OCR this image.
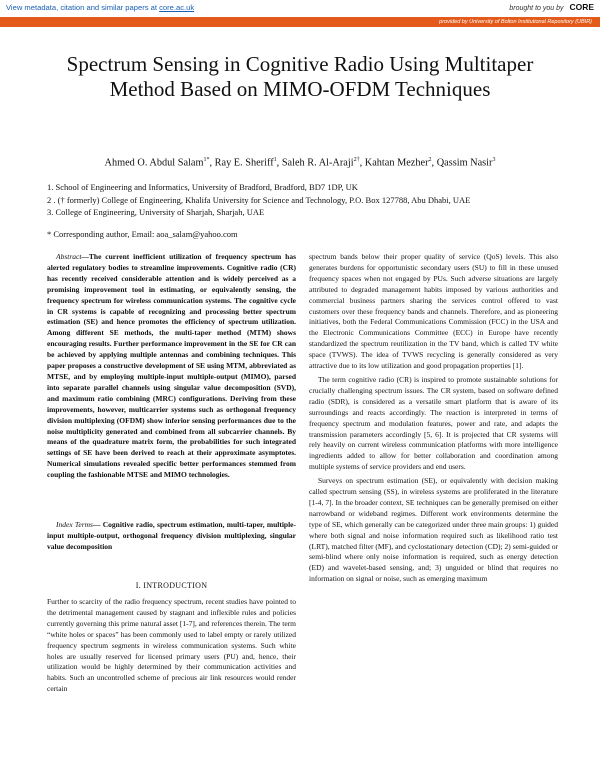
View metadata, citation and similar papers at core.ac.uk	brought to you by CORE
provided by University of Bolton Institutional Repository (UBIR)
Spectrum Sensing in Cognitive Radio Using Multitaper Method Based on MIMO-OFDM Techniques
Ahmed O. Abdul Salam$^{1*}$, Ray E. Sheriff$^1$, Saleh R. Al-Araji$^{2\dagger}$, Kahtan Mezher$^2$, Qassim Nasir$^3$
1. School of Engineering and Informatics, University of Bradford, Bradford, BD7 1DP, UK
2 . († formerly) College of Engineering, Khalifa University for Science and Technology, P.O. Box 127788, Abu Dhabi, UAE
3. College of Engineering, University of Sharjah, Sharjah, UAE
* Corresponding author, Email: aoa_salam@yahoo.com

Abstract—The current inefficient utilization of frequency spectrum has alerted regulatory bodies to streamline improvements. Cognitive radio (CR) has recently received considerable attention and is widely perceived as a promising improvement tool in estimating, or equivalently sensing, the frequency spectrum for wireless communication systems. The cognitive cycle in CR systems is capable of recognizing and processing better spectrum estimation (SE) and hence promotes the efficiency of spectrum utilization. Among different SE methods, the multi-taper method (MTM) shows encouraging results. Further performance improvement in the SE for CR can be achieved by applying multiple antennas and combining techniques. This paper proposes a constructive development of SE using MTM, abbreviated as MTSE, and by employing multiple-input multiple-output (MIMO), parsed into separate parallel channels using singular value decomposition (SVD), and maximum ratio combining (MRC) configurations. Deriving from these improvements, however, multicarrier systems such as orthogonal frequency division multiplexing (OFDM) show inferior sensing performances due to the noise multiplicity generated and combined from all subcarrier channels. By means of the quadrature matrix form, the probabilities for such integrated settings of SE have been derived to reach at their approximate asymptotes. Numerical simulations revealed specific better performances stemmed from coupling the fashionable MTSE and MIMO technologies.

Index Terms— Cognitive radio, spectrum estimation, multi-taper, multiple-input multiple-output, orthogonal frequency division multiplexing, singular value decomposition

I. INTRODUCTION

Further to scarcity of the radio frequency spectrum, recent studies have pointed to the detrimental management caused by stagnant and inflexible rules and policies currently governing this prime natural asset [1-7], and references therein. The term “white holes or spaces” has been commonly used to label empty or rarely utilized frequency spectrum segments in wireless communication systems. Such white holes are usually reserved for licensed primary users (PU) and, hence, their utilization would be highly determined by their communication activities and habits. Such an uncontrolled scheme of precious air link resources would render certain

spectrum bands below their proper quality of service (QoS) levels. This also generates burdens for opportunistic secondary users (SU) to fill in these unused frequency spaces when not engaged by PUs. Such adverse situations are largely attributed to degraded management habits imposed by various authorities and commercial business partners sharing the services control offered to vast customers over these frequency bands and channels. Therefore, and as pioneering initiatives, both the Federal Communications Commission (FCC) in the USA and the Electronic Communications Committee (ECC) in Europe have recently standardized the spectrum reutilization in the TV band, which is called TV white space (TVWS). The idea of TVWS recycling is generally considered as very attractive due to its low utilization and good propagation properties [1].

The term cognitive radio (CR) is inspired to promote sustainable solutions for crucially challenging spectrum issues. The CR system, based on software defined radio (SDR), is considered as a versatile smart platform that is aware of its surroundings and reacts accordingly. The reaction is interpreted in terms of frequency spectrum and modulation features, power and rate, and adapts the transmission parameters accordingly [5, 6]. It is projected that CR systems will rely heavily on current wireless communication platforms with more intelligence ingredients added to allow for better collaboration and coordination among multiple systems of service providers and end users.

Surveys on spectrum estimation (SE), or equivalently with decision making called spectrum sensing (SS), in wireless systems are proliferated in the literature [1-4, 7]. In the broader context, SE techniques can be generally premised on either narrowband or wideband regimes. Different work environments determine the type of SE, which generally can be categorized under three main groups: 1) guided where both signal and noise information required such as likelihood ratio test (LRT), matched filter (MF), and cyclostationary detection (CD); 2) semi-guided or semi-blind where only noise information is required, such as energy detection (ED) and wavelet-based sensing, and; 3) unguided or blind that requires no information on signal or noise, such as emerging maximum
